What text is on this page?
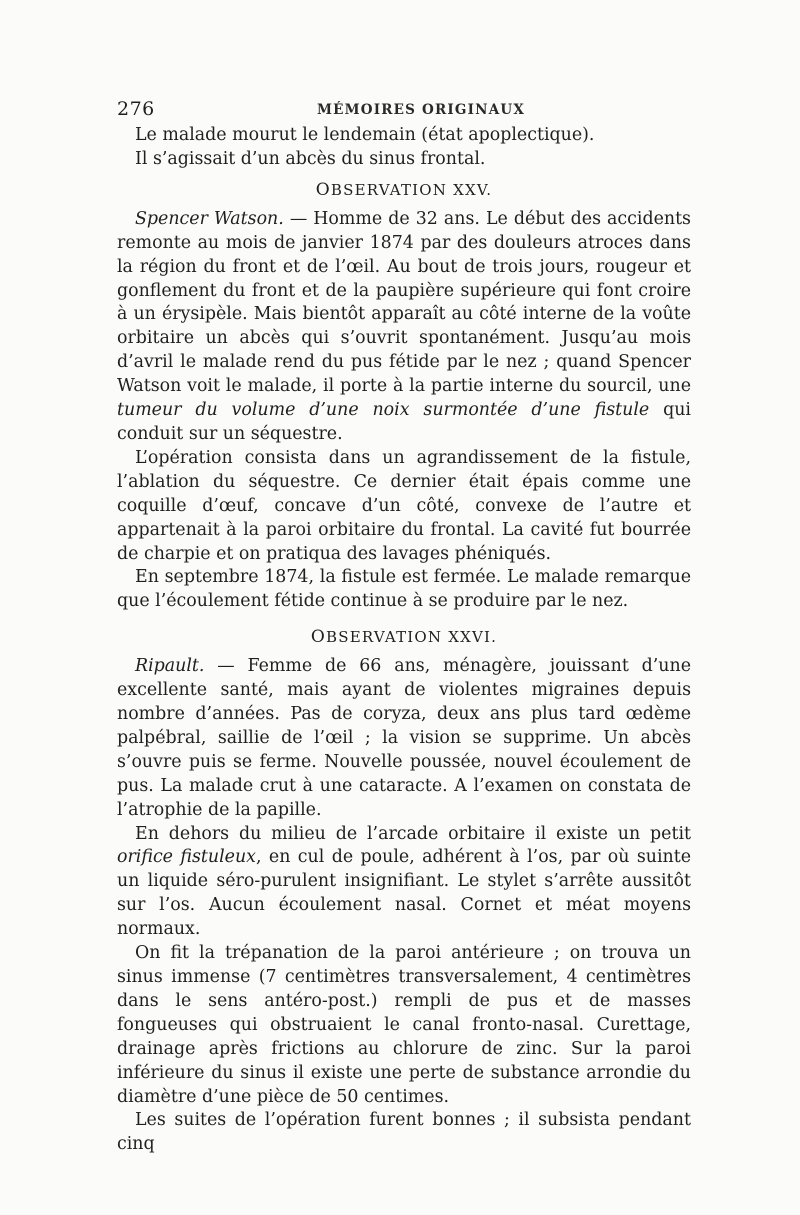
276	MÉMOIRES ORIGINAUX

Le malade mourut le lendemain (état apoplectique).

Il s’agissait d’un abcès du sinus frontal.

OBSERVATION XXV.

Spencer Watson. — Homme de 32 ans. Le début des accidents remonte au mois de janvier 1874 par des douleurs atroces dans la région du front et de l’œil. Au bout de trois jours, rougeur et gonflement du front et de la paupière supérieure qui font croire à un érysipèle. Mais bientôt apparaît au côté interne de la voûte orbitaire un abcès qui s’ouvrit spontanément. Jusqu’au mois d’avril le malade rend du pus fétide par le nez ; quand Spencer Watson voit le malade, il porte à la partie interne du sourcil, une tumeur du volume d’une noix surmontée d’une fistule qui conduit sur un séquestre.

L’opération consista dans un agrandissement de la fistule, l’ablation du séquestre. Ce dernier était épais comme une coquille d’œuf, concave d’un côté, convexe de l’autre et appartenait à la paroi orbitaire du frontal. La cavité fut bourrée de charpie et on pratiqua des lavages phéniqués.

En septembre 1874, la fistule est fermée. Le malade remarque que l’écoulement fétide continue à se produire par le nez.

OBSERVATION XXVI.

Ripault. — Femme de 66 ans, ménagère, jouissant d’une excellente santé, mais ayant de violentes migraines depuis nombre d’années. Pas de coryza, deux ans plus tard œdème palpébral, saillie de l’œil ; la vision se supprime. Un abcès s’ouvre puis se ferme. Nouvelle poussée, nouvel écoulement de pus. La malade crut à une cataracte. A l’examen on constata de l’atrophie de la papille.

En dehors du milieu de l’arcade orbitaire il existe un petit orifice fistuleux, en cul de poule, adhérent à l’os, par où suinte un liquide séro-purulent insignifiant. Le stylet s’arrête aussitôt sur l’os. Aucun écoulement nasal. Cornet et méat moyens normaux.

On fit la trépanation de la paroi antérieure ; on trouva un sinus immense (7 centimètres transversalement, 4 centimètres dans le sens antéro-post.) rempli de pus et de masses fongueuses qui obstruaient le canal fronto-nasal. Curettage, drainage après frictions au chlorure de zinc. Sur la paroi inférieure du sinus il existe une perte de substance arrondie du diamètre d’une pièce de 50 centimes.

Les suites de l’opération furent bonnes ; il subsista pendant cinq
